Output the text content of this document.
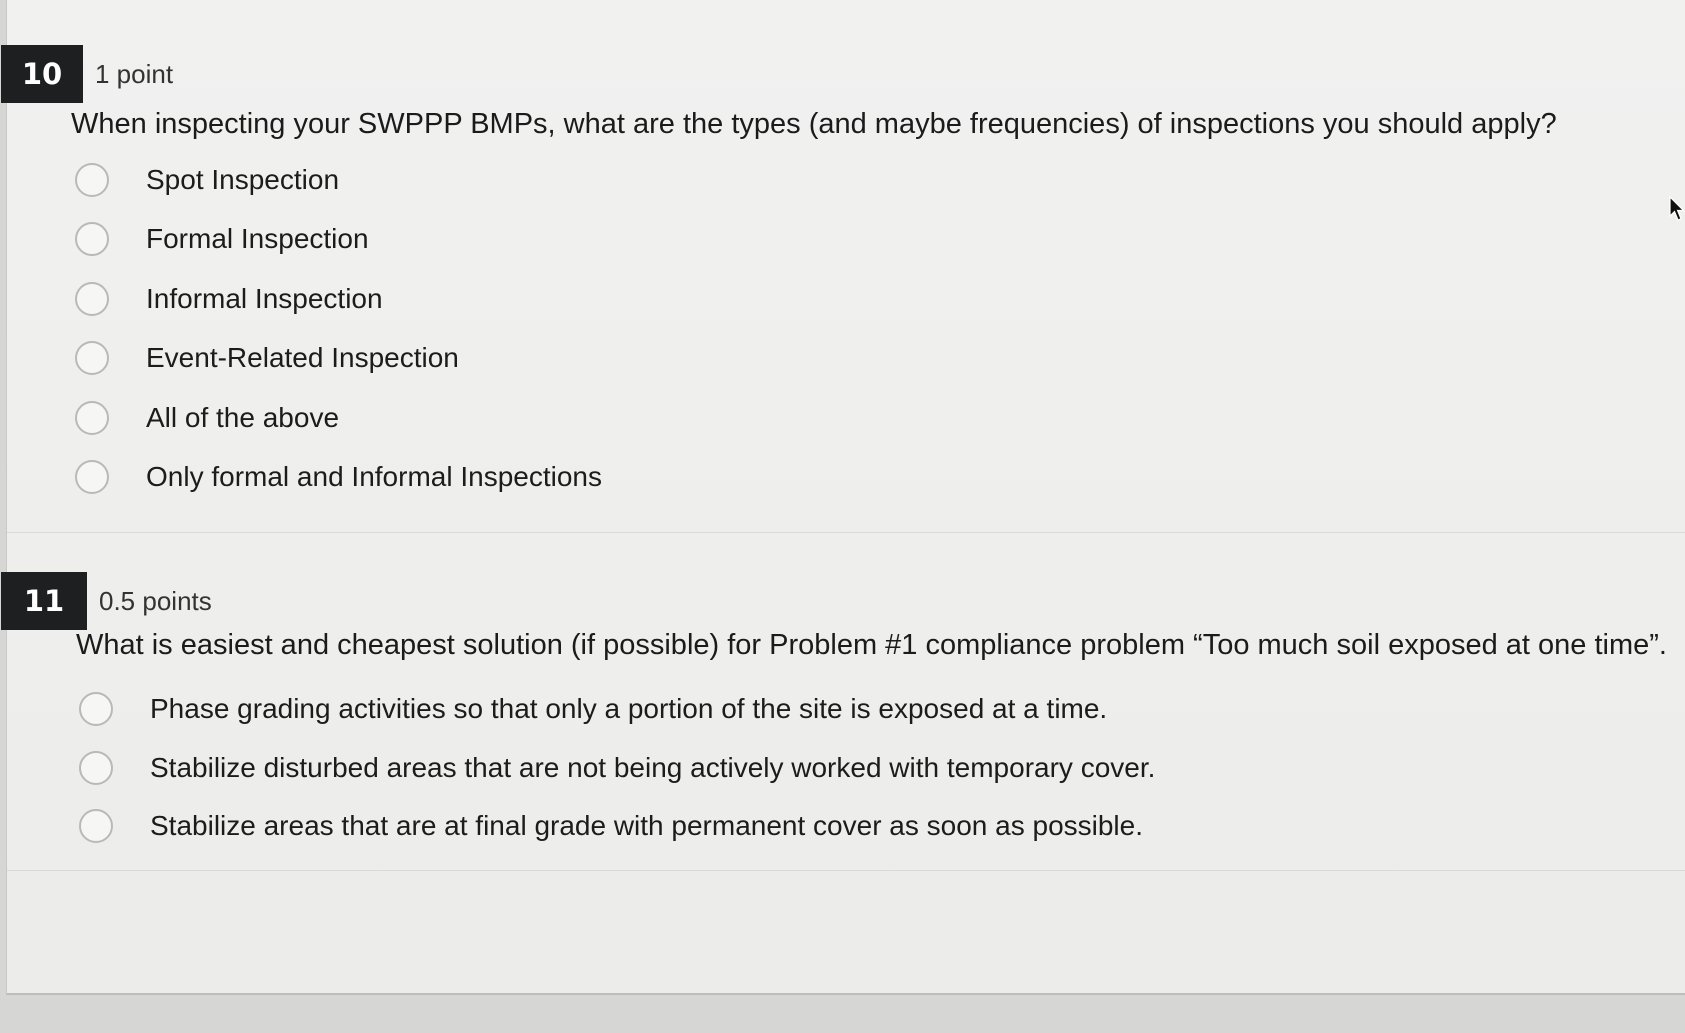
10	1 point
When inspecting your SWPPP BMPs, what are the types (and maybe frequencies) of inspections you should apply?
Spot Inspection
Formal Inspection
Informal Inspection
Event-Related Inspection
All of the above
Only formal and Informal Inspections
11	0.5 points
What is easiest and cheapest solution (if possible) for Problem #1 compliance problem “Too much soil exposed at one time”.
Phase grading activities so that only a portion of the site is exposed at a time.
Stabilize disturbed areas that are not being actively worked with temporary cover.
Stabilize areas that are at final grade with permanent cover as soon as possible.
